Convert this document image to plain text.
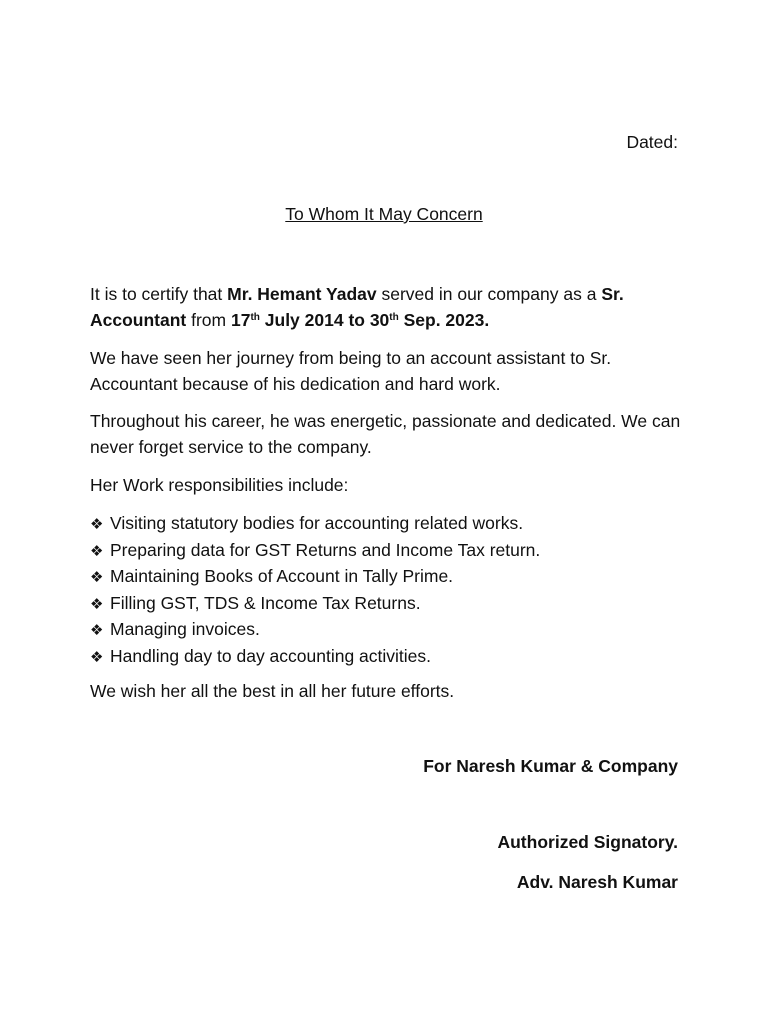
Dated:
To Whom It May Concern
It is to certify that Mr. Hemant Yadav served in our company as a Sr. Accountant from 17th July 2014 to 30th Sep. 2023.
We have seen her journey from being to an account assistant to Sr. Accountant because of his dedication and hard work.
Throughout his career, he was energetic, passionate and dedicated. We can never forget service to the company.
Her Work responsibilities include:
❖ Visiting statutory bodies for accounting related works.
❖ Preparing data for GST Returns and Income Tax return.
❖ Maintaining Books of Account in Tally Prime.
❖ Filling GST, TDS & Income Tax Returns.
❖ Managing invoices.
❖ Handling day to day accounting activities.
We wish her all the best in all her future efforts.
For Naresh Kumar & Company
Authorized Signatory.
Adv. Naresh Kumar
